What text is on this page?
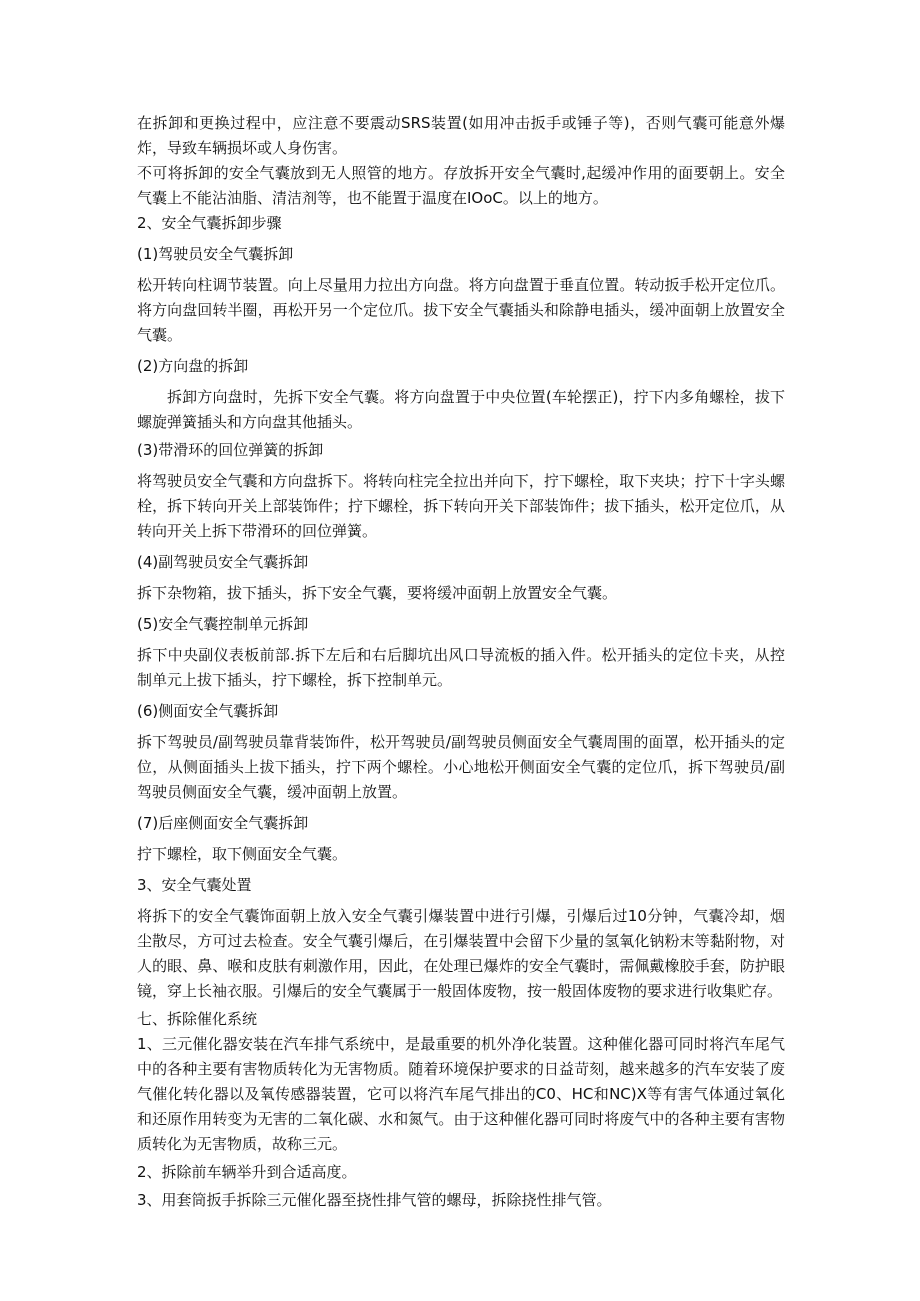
在拆卸和更换过程中，应注意不要震动SRS装置(如用冲击扳手或锤子等)，否则气囊可能意外爆炸，导致车辆损坏或人身伤害。

不可将拆卸的安全气囊放到无人照管的地方。存放拆开安全气囊时,起缓冲作用的面要朝上。安全气囊上不能沾油脂、清洁剂等，也不能置于温度在IOoC。以上的地方。

2、安全气囊拆卸步骤

(1)驾驶员安全气囊拆卸

松开转向柱调节装置。向上尽量用力拉出方向盘。将方向盘置于垂直位置。转动扳手松开定位爪。将方向盘回转半圈，再松开另一个定位爪。拔下安全气囊插头和除静电插头，缓冲面朝上放置安全气囊。

(2)方向盘的拆卸

拆卸方向盘时，先拆下安全气囊。将方向盘置于中央位置(车轮摆正)，拧下内多角螺栓，拔下螺旋弹簧插头和方向盘其他插头。

(3)带滑环的回位弹簧的拆卸

将驾驶员安全气囊和方向盘拆下。将转向柱完全拉出并向下，拧下螺栓，取下夹块；拧下十字头螺栓，拆下转向开关上部装饰件；拧下螺栓，拆下转向开关下部装饰件；拔下插头，松开定位爪，从转向开关上拆下带滑环的回位弹簧。

(4)副驾驶员安全气囊拆卸

拆下杂物箱，拔下插头，拆下安全气囊，要将缓冲面朝上放置安全气囊。

(5)安全气囊控制单元拆卸

拆下中央副仪表板前部.拆下左后和右后脚坑出风口导流板的插入件。松开插头的定位卡夹，从控制单元上拔下插头，拧下螺栓，拆下控制单元。

(6)侧面安全气囊拆卸

拆下驾驶员/副驾驶员靠背装饰件，松开驾驶员/副驾驶员侧面安全气囊周围的面罩，松开插头的定位，从侧面插头上拔下插头，拧下两个螺栓。小心地松开侧面安全气囊的定位爪，拆下驾驶员/副驾驶员侧面安全气囊，缓冲面朝上放置。

(7)后座侧面安全气囊拆卸

拧下螺栓，取下侧面安全气囊。

3、安全气囊处置

将拆下的安全气囊饰面朝上放入安全气囊引爆装置中进行引爆，引爆后过10分钟，气囊冷却，烟尘散尽，方可过去检查。安全气囊引爆后，在引爆装置中会留下少量的氢氧化钠粉末等黏附物，对人的眼、鼻、喉和皮肤有刺激作用，因此，在处理已爆炸的安全气囊时，需佩戴橡胶手套，防护眼镜，穿上长袖衣服。引爆后的安全气囊属于一般固体废物，按一般固体废物的要求进行收集贮存。

七、拆除催化系统

1、三元催化器安装在汽车排气系统中，是最重要的机外净化装置。这种催化器可同时将汽车尾气中的各种主要有害物质转化为无害物质。随着环境保护要求的日益苛刻，越来越多的汽车安装了废气催化转化器以及氧传感器装置，它可以将汽车尾气排出的C0、HC和NC)X等有害气体通过氧化和还原作用转变为无害的二氧化碳、水和氮气。由于这种催化器可同时将废气中的各种主要有害物质转化为无害物质，故称三元。

2、拆除前车辆举升到合适高度。

3、用套筒扳手拆除三元催化器至挠性排气管的螺母，拆除挠性排气管。
